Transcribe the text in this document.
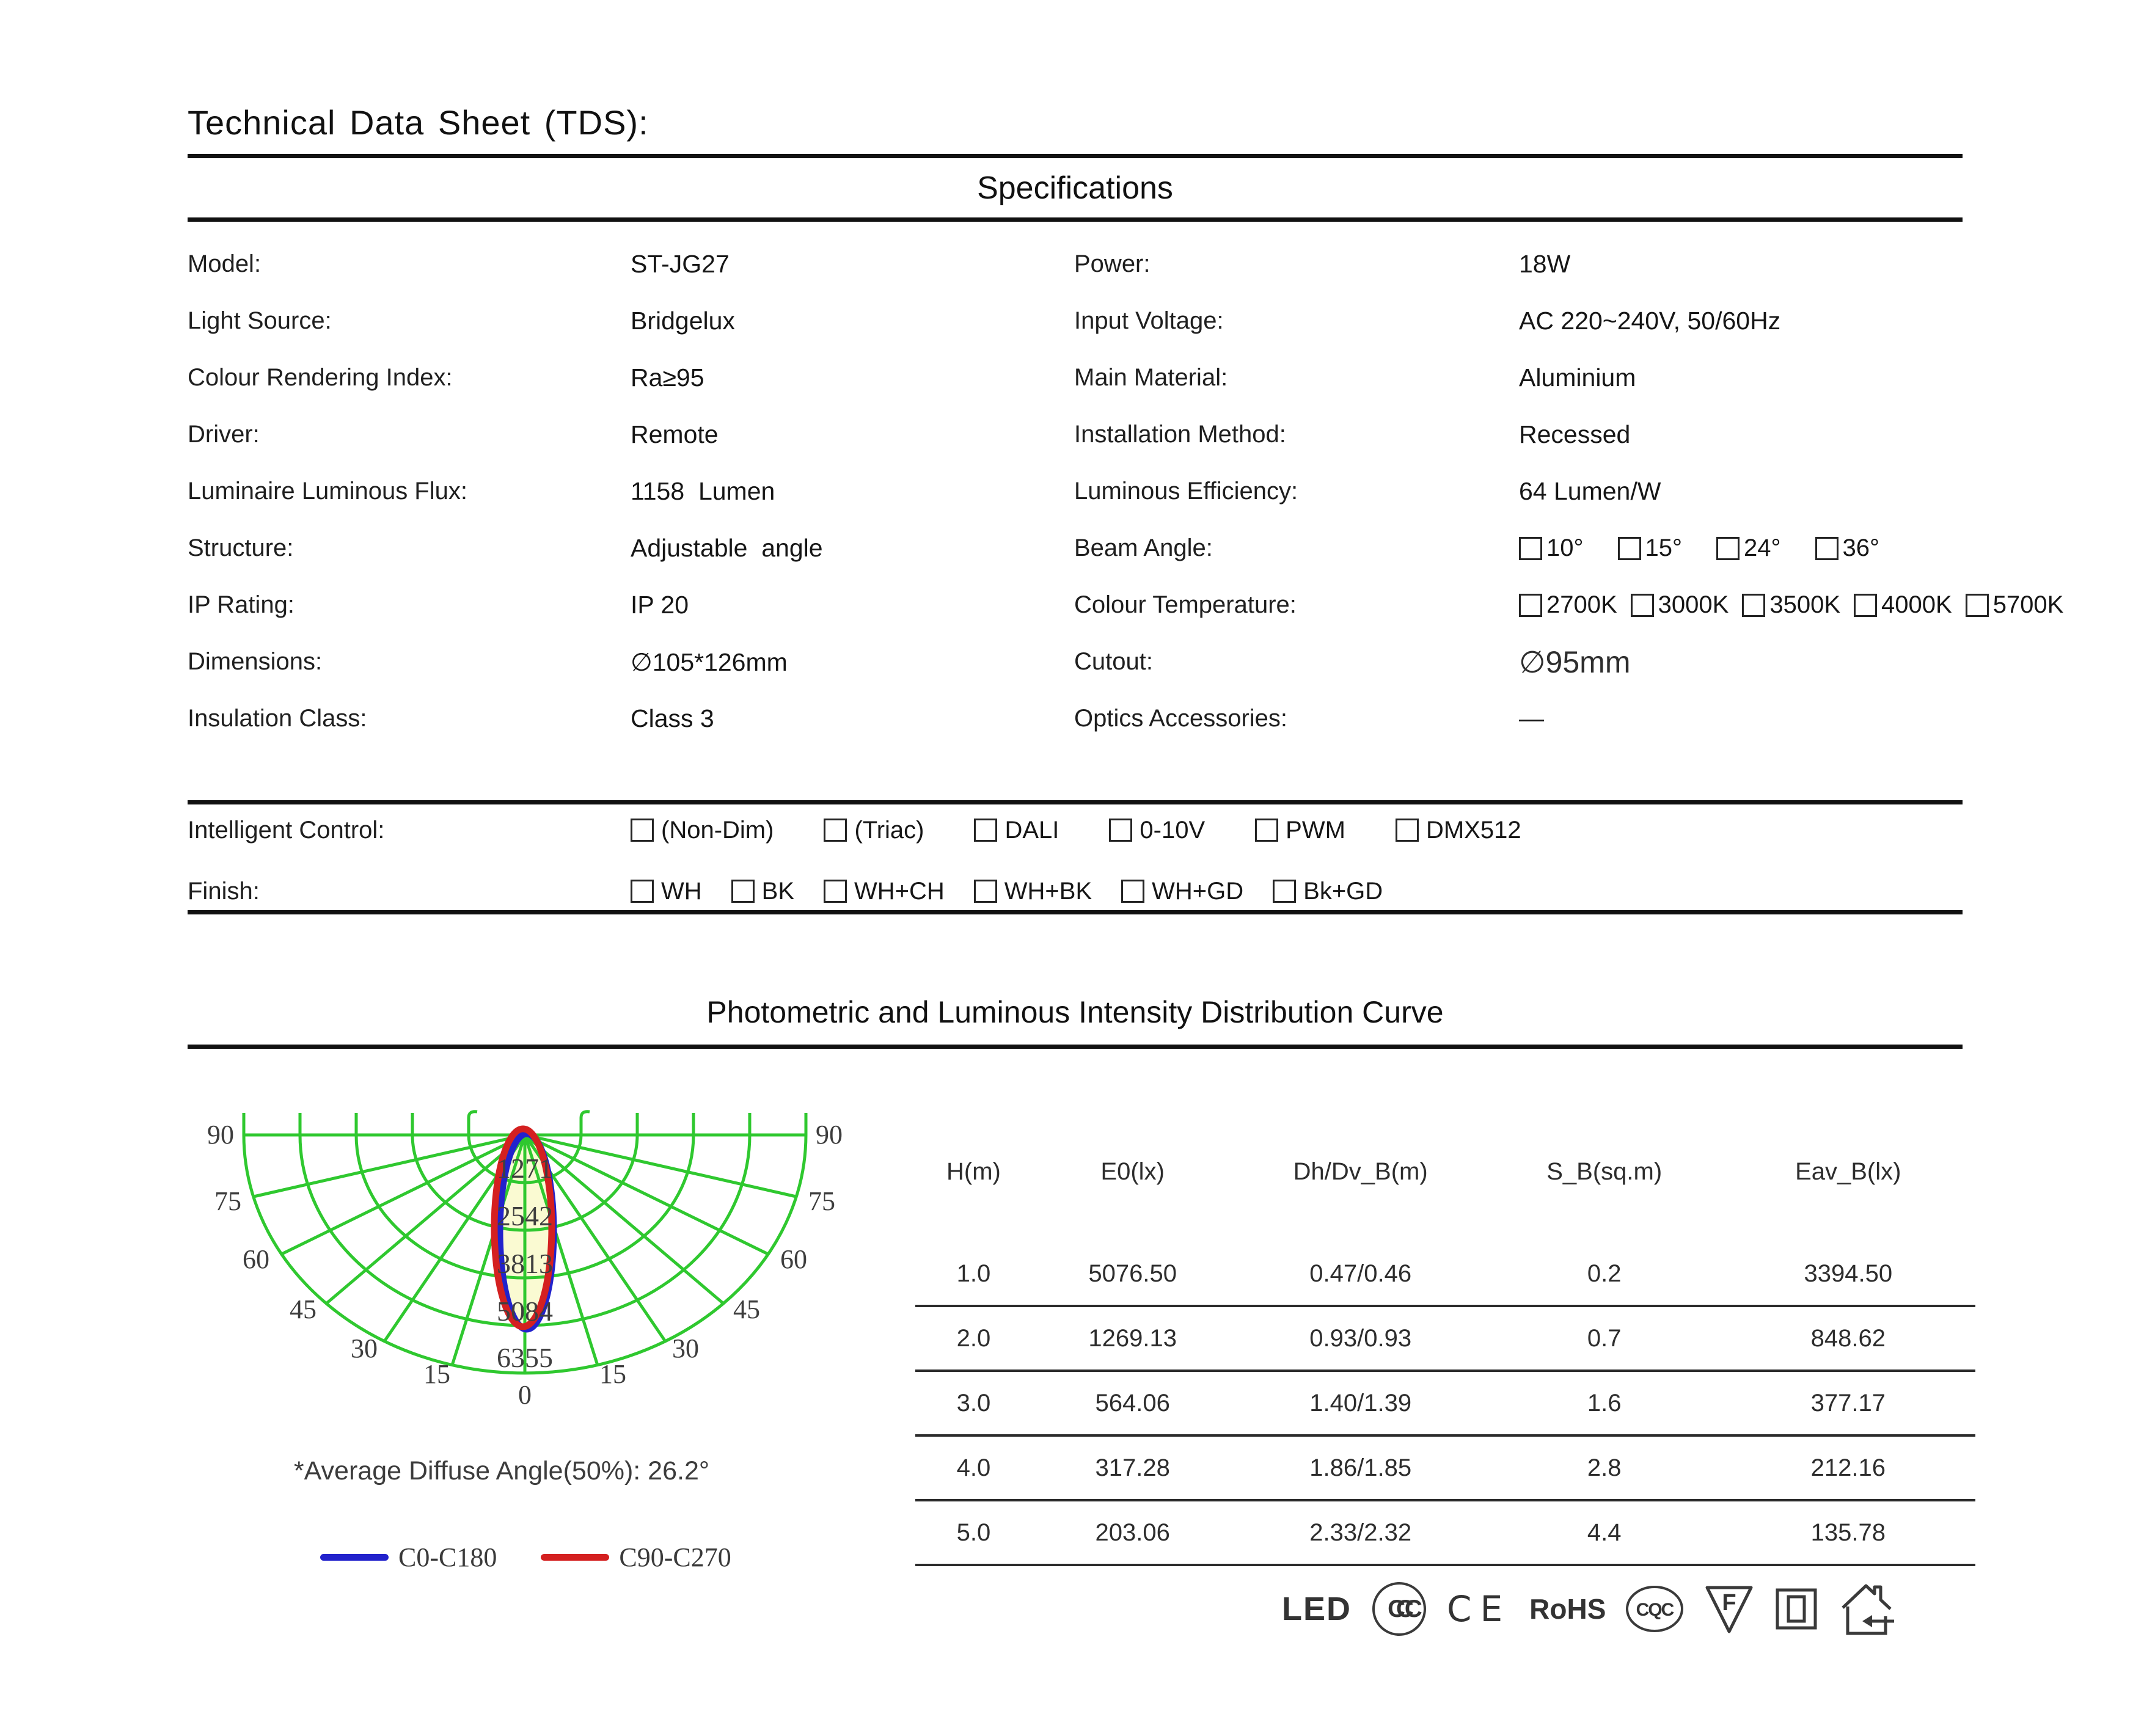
Technical Data Sheet (TDS):
Specifications
Model:	ST-JG27	Power:	18W
Light Source:	Bridgelux	Input Voltage:	AC 220~240V, 50/60Hz
Colour Rendering Index:	Ra≥95	Main Material:	Aluminium
Driver:	Remote	Installation Method:	Recessed
Luminaire Luminous Flux:	1158  Lumen	Luminous Efficiency:	64 Lumen/W
Structure:	Adjustable  angle	Beam Angle:	10°	15°	24°	36°
IP Rating:	IP 20	Colour Temperature:	2700K 3000K 3500K 4000K 5700K
Dimensions:	∅105*126mm	Cutout:	∅95mm
Insulation Class:	Class 3	Optics Accessories:	—
Intelligent Control:	(Non-Dim)	(Triac)	DALI	0-10V	PWM	DMX512
Finish:	WH BK WH+CH WH+BK WH+GD Bk+GD
Photometric and Luminous Intensity Distribution Curve
1271
2542
3813
5084
6355
90	90
75	75
60	60
45	45
30	30
15	15
0
*Average Diffuse Angle(50%): 26.2°
C0-C180	C90-C270
H(m)	E0(lx)	Dh/Dv_B(m)	S_B(sq.m)	Eav_B(lx)

1.0	5076.50	0.47/0.46	0.2	3394.50
2.0	1269.13	0.93/0.93	0.7	848.62
3.0	564.06	1.40/1.39	1.6	377.17
4.0	317.28	1.86/1.85	2.8	212.16
5.0	203.06	2.33/2.32	4.4	135.78
LED CCC CE RoHS CQC F
